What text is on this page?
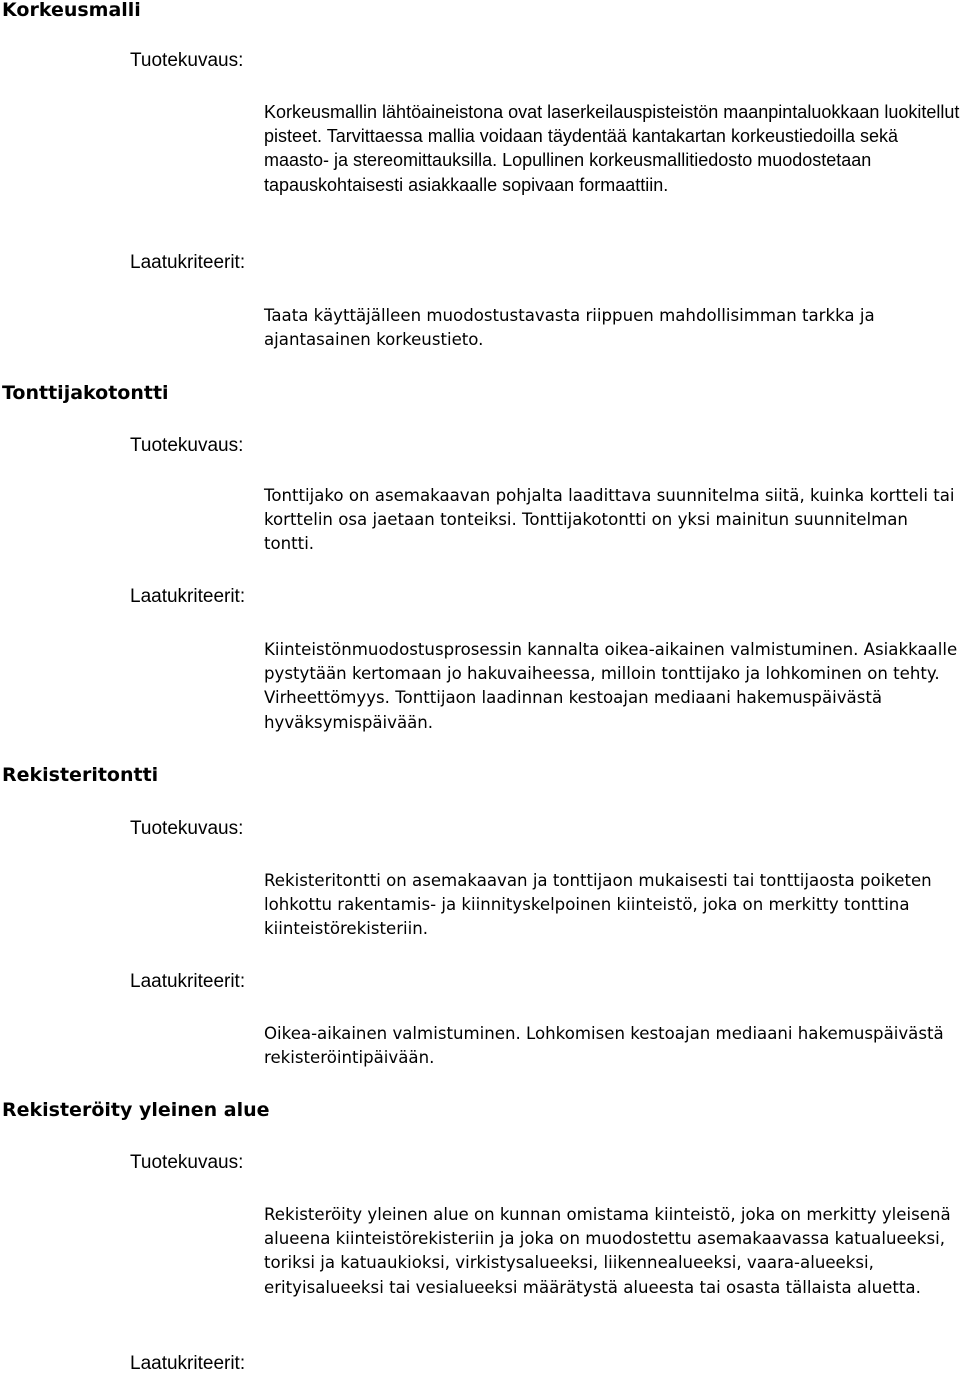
Korkeusmalli
Tuotekuvaus:

Korkeusmallin lähtöaineistona ovat laserkeilauspisteistön maanpintaluokkaan luokitellut pisteet. Tarvittaessa mallia voidaan täydentää kantakartan korkeustiedoilla sekä maasto- ja stereomittauksilla. Lopullinen korkeusmallitiedosto muodostetaan tapauskohtaisesti asiakkaalle sopivaan formaattiin.

Laatukriteerit:

Taata käyttäjälleen muodostustavasta riippuen mahdollisimman tarkka ja ajantasainen korkeustieto.

Tonttijakotontti
Tuotekuvaus:

Tonttijako on asemakaavan pohjalta laadittava suunnitelma siitä, kuinka kortteli tai korttelin osa jaetaan tonteiksi. Tonttijakotontti on yksi mainitun suunnitelman tontti.

Laatukriteerit:

Kiinteistönmuodostusprosessin kannalta oikea-aikainen valmistuminen. Asiakkaalle pystytään kertomaan jo hakuvaiheessa, milloin tonttijako ja lohkominen on tehty. Virheettömyys. Tonttijaon laadinnan kestoajan mediaani hakemuspäivästä hyväksymispäivään.

Rekisteritontti
Tuotekuvaus:

Rekisteritontti on asemakaavan ja tonttijaon mukaisesti tai tonttijaosta poiketen lohkottu rakentamis- ja kiinnityskelpoinen kiinteistö, joka on merkitty tonttina kiinteistörekisteriin.

Laatukriteerit:

Oikea-aikainen valmistuminen. Lohkomisen kestoajan mediaani hakemuspäivästä rekisteröintipäivään.

Rekisteröity yleinen alue
Tuotekuvaus:

Rekisteröity yleinen alue on kunnan omistama kiinteistö, joka on merkitty yleisenä alueena kiinteistörekisteriin ja joka on muodostettu asemakaavassa katualueeksi, toriksi ja katuaukioksi, virkistysalueeksi, liikennealueeksi, vaara-alueeksi, erityisalueeksi tai vesialueeksi määrätystä alueesta tai osasta tällaista aluetta.

Laatukriteerit:
